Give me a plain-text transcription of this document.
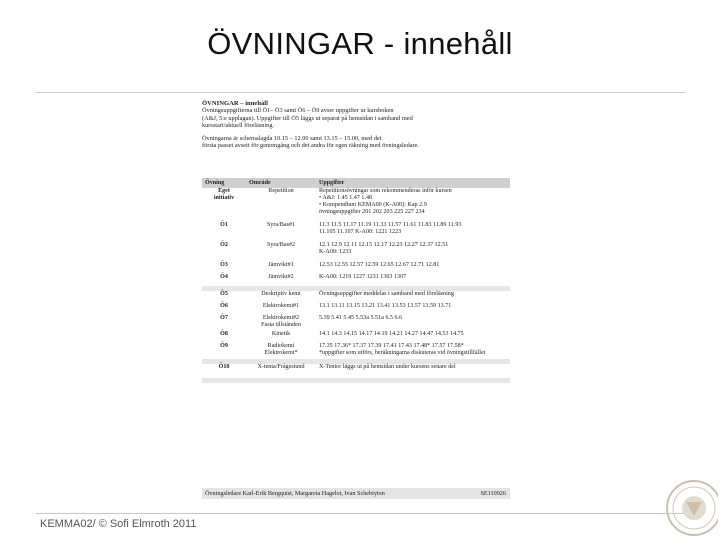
ÖVNINGAR - innehåll

ÖVNINGAR – innehåll

Övningsuppgifterna till Ö1– Ö3 samt Ö6 – Ö9 avser uppgifter ur kursboken

(A&J, 5:e upplagan). Uppgifter till Ö5 läggs ut separat på hemsidan i samband med

kursstart/aktuell föreläsning.

Övningarna är schemalagda 10.15 – 12.00 samt 13.15 – 15.00, med det

första passet avsett för genomgång och det andra för egen räkning med övningsledare.

Övning	Område	Uppgifter
Eget
initiativ	Repetition	Repetitionsövningar som rekommenderas inför kursen
• A&J: 1.45 1.47 1.48
• Kompendium KEMA00 (K-A00): Kap 2.9
övningsuppgifter 201 202 203 225 227 234
Ö1	Syra/Bas#1	11.3 11.5 11.17 11.19 11.33 11.57 11.61 11.83 11.89 11.93
11.105 11.107 K-A00: 1221 1223
Ö2	Syra/Bas#2	12.1 12.9 12.11 12.15 12.17 12.23 12.27 12.37 12.51
K-A00: 1233
Ö3	Jämvikt#1	12.53 12.55 12.57 12.59 12.65 12.67 12.71 12.81
Ö4	Jämvikt#2	K-A00: 1219 1227 1231 1303 1307

Ö5	Deskriptiv kemi	Övningsuppgifter meddelas i samband med föreläsning
Ö6	Elektrokemi#1	13.1 13.11 13.15 13.21 13.41 13.53 13.57 13.59 13.71
Ö7	Elektrokemi#2
Fasta tillstånden	5.39 5.41 5.45 5.53a 5.51a 6.5 6.6
Ö8	Kinetik	14.1 14.3 14.15 14.17 14.19 14.21 14.27 14.47 14.53 14.75
Ö9	Radiokemi
Elektrokemi*	17.35 17.36* 17.37 17.39 17.41 17.43 17.48* 17.57 17.58*
*uppgifter som utförs, beräkningarna diskuteras vid övningstillfället

Ö10	X-tenta/Frågestund	X-Tentor läggs ut på hemsidan under kursens senare del

Övningsledare Karl-Erik Bergquist, Margareta Hagelot, Ivan Schebiyton	SE110926
KEMMA02/ © Sofi Elmroth 2011
